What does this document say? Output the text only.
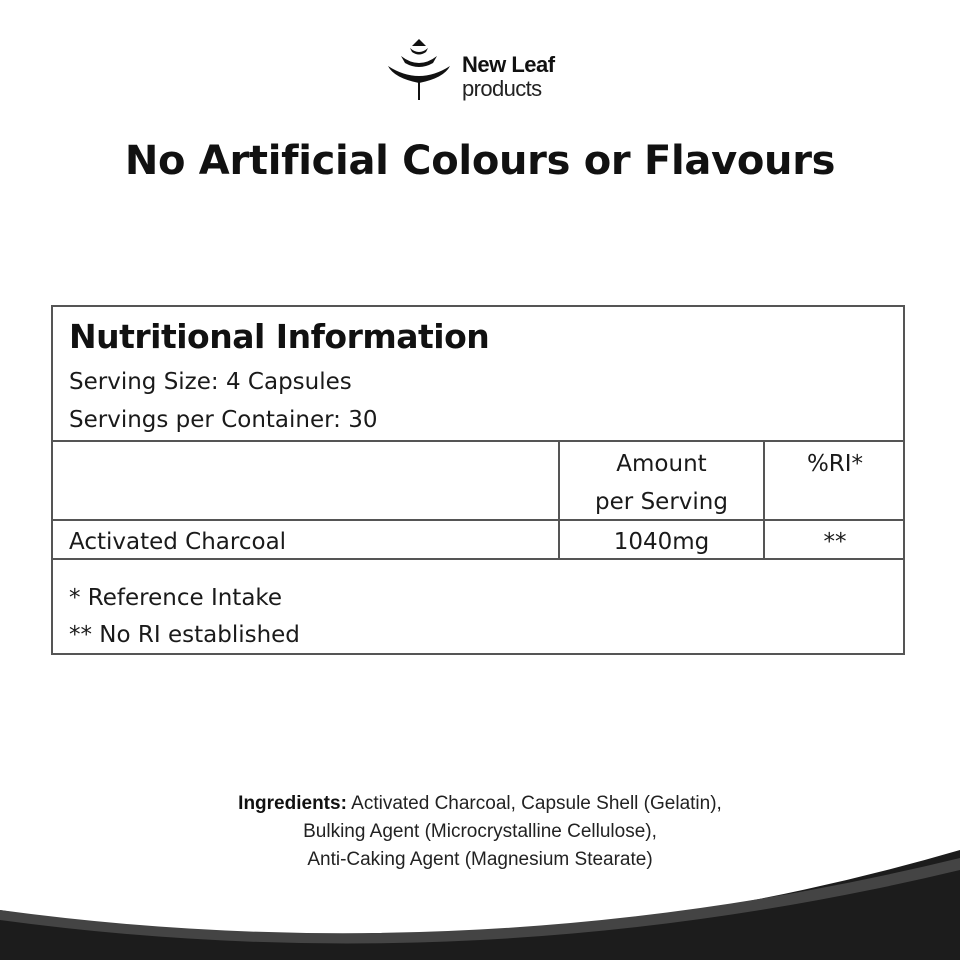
New Leaf
products
No Artificial Colours or Flavours
Nutritional Information
Serving Size: 4 Capsules
Servings per Container: 30
Amount
per Serving
%RI*
Activated Charcoal	1040mg	**
* Reference Intake
** No RI established
Ingredients: Activated Charcoal, Capsule Shell (Gelatin),
Bulking Agent (Microcrystalline Cellulose),
Anti-Caking Agent (Magnesium Stearate)
